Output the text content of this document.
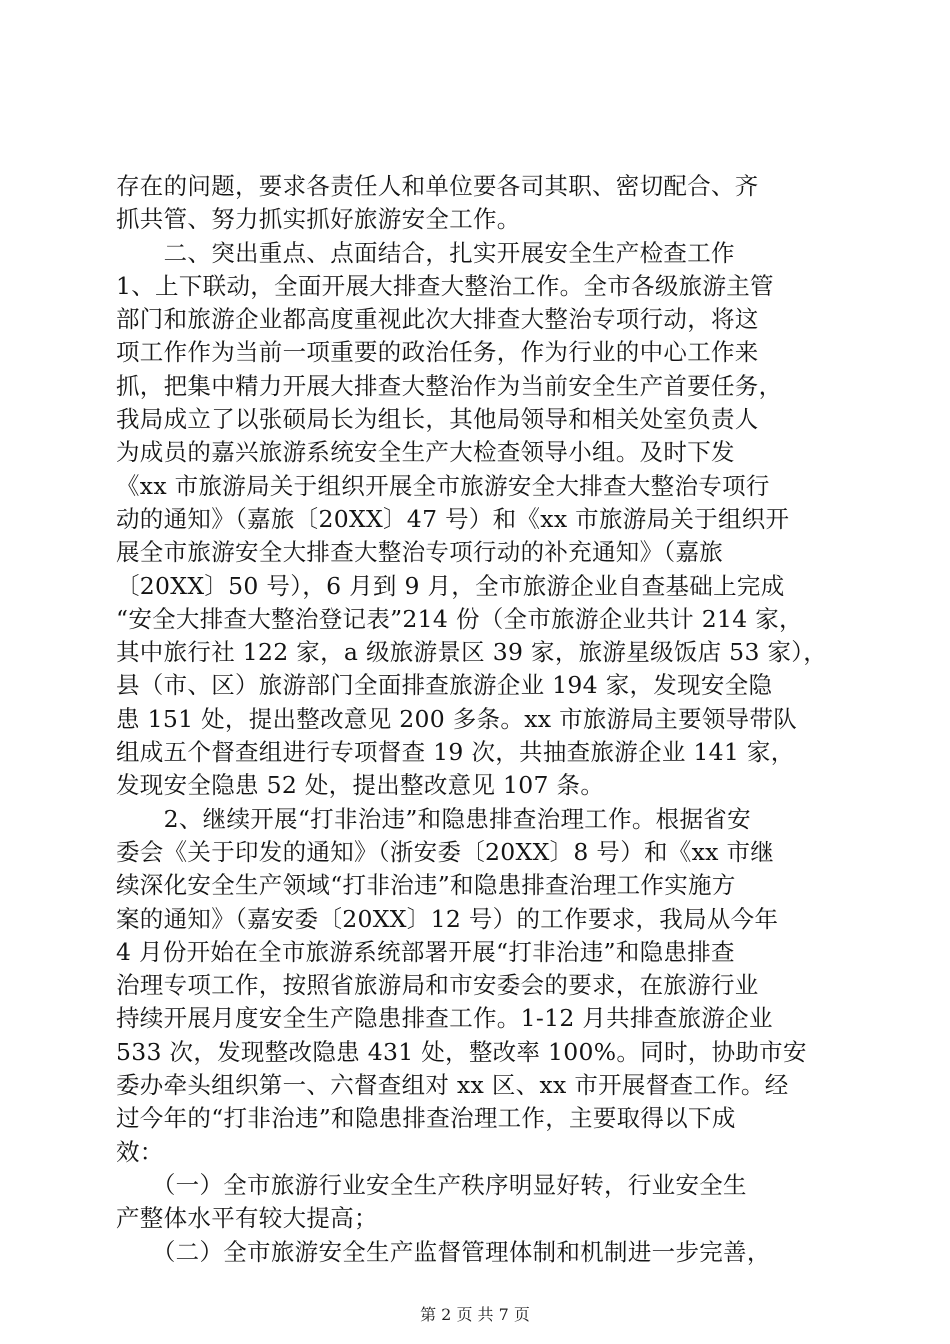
存在的问题，要求各责任人和单位要各司其职、密切配合、齐
抓共管、努力抓实抓好旅游安全工作。
　　二、突出重点、点面结合，扎实开展安全生产检查工作
1、上下联动，全面开展大排查大整治工作。全市各级旅游主管
部门和旅游企业都高度重视此次大排查大整治专项行动，将这
项工作作为当前一项重要的政治任务，作为行业的中心工作来
抓，把集中精力开展大排查大整治作为当前安全生产首要任务，
我局成立了以张硕局长为组长，其他局领导和相关处室负责人
为成员的嘉兴旅游系统安全生产大检查领导小组。及时下发
《xx 市旅游局关于组织开展全市旅游安全大排查大整治专项行
动的通知》（嘉旅〔20XX〕47 号）和《xx 市旅游局关于组织开
展全市旅游安全大排查大整治专项行动的补充通知》（嘉旅
〔20XX〕50 号），6 月到 9 月，全市旅游企业自查基础上完成
“安全大排查大整治登记表”214 份（全市旅游企业共计 214 家，
其中旅行社 122 家，a 级旅游景区 39 家，旅游星级饭店 53 家），
县（市、区）旅游部门全面排查旅游企业 194 家，发现安全隐
患 151 处，提出整改意见 200 多条。xx 市旅游局主要领导带队
组成五个督查组进行专项督查 19 次，共抽查旅游企业 141 家，
发现安全隐患 52 处，提出整改意见 107 条。
　　2、继续开展“打非治违”和隐患排查治理工作。根据省安
委会《关于印发的通知》（浙安委〔20XX〕8 号）和《xx 市继
续深化安全生产领域“打非治违”和隐患排查治理工作实施方
案的通知》（嘉安委〔20XX〕12 号）的工作要求，我局从今年
4 月份开始在全市旅游系统部署开展“打非治违”和隐患排查
治理专项工作，按照省旅游局和市安委会的要求，在旅游行业
持续开展月度安全生产隐患排查工作。1-12 月共排查旅游企业
533 次，发现整改隐患 431 处，整改率 100%。同时，协助市安
委办牵头组织第一、六督查组对 xx 区、xx 市开展督查工作。经
过今年的“打非治违”和隐患排查治理工作，主要取得以下成
效：
　　（一）全市旅游行业安全生产秩序明显好转，行业安全生
产整体水平有较大提高；
　　（二）全市旅游安全生产监督管理体制和机制进一步完善，
第 2 页 共 7 页
